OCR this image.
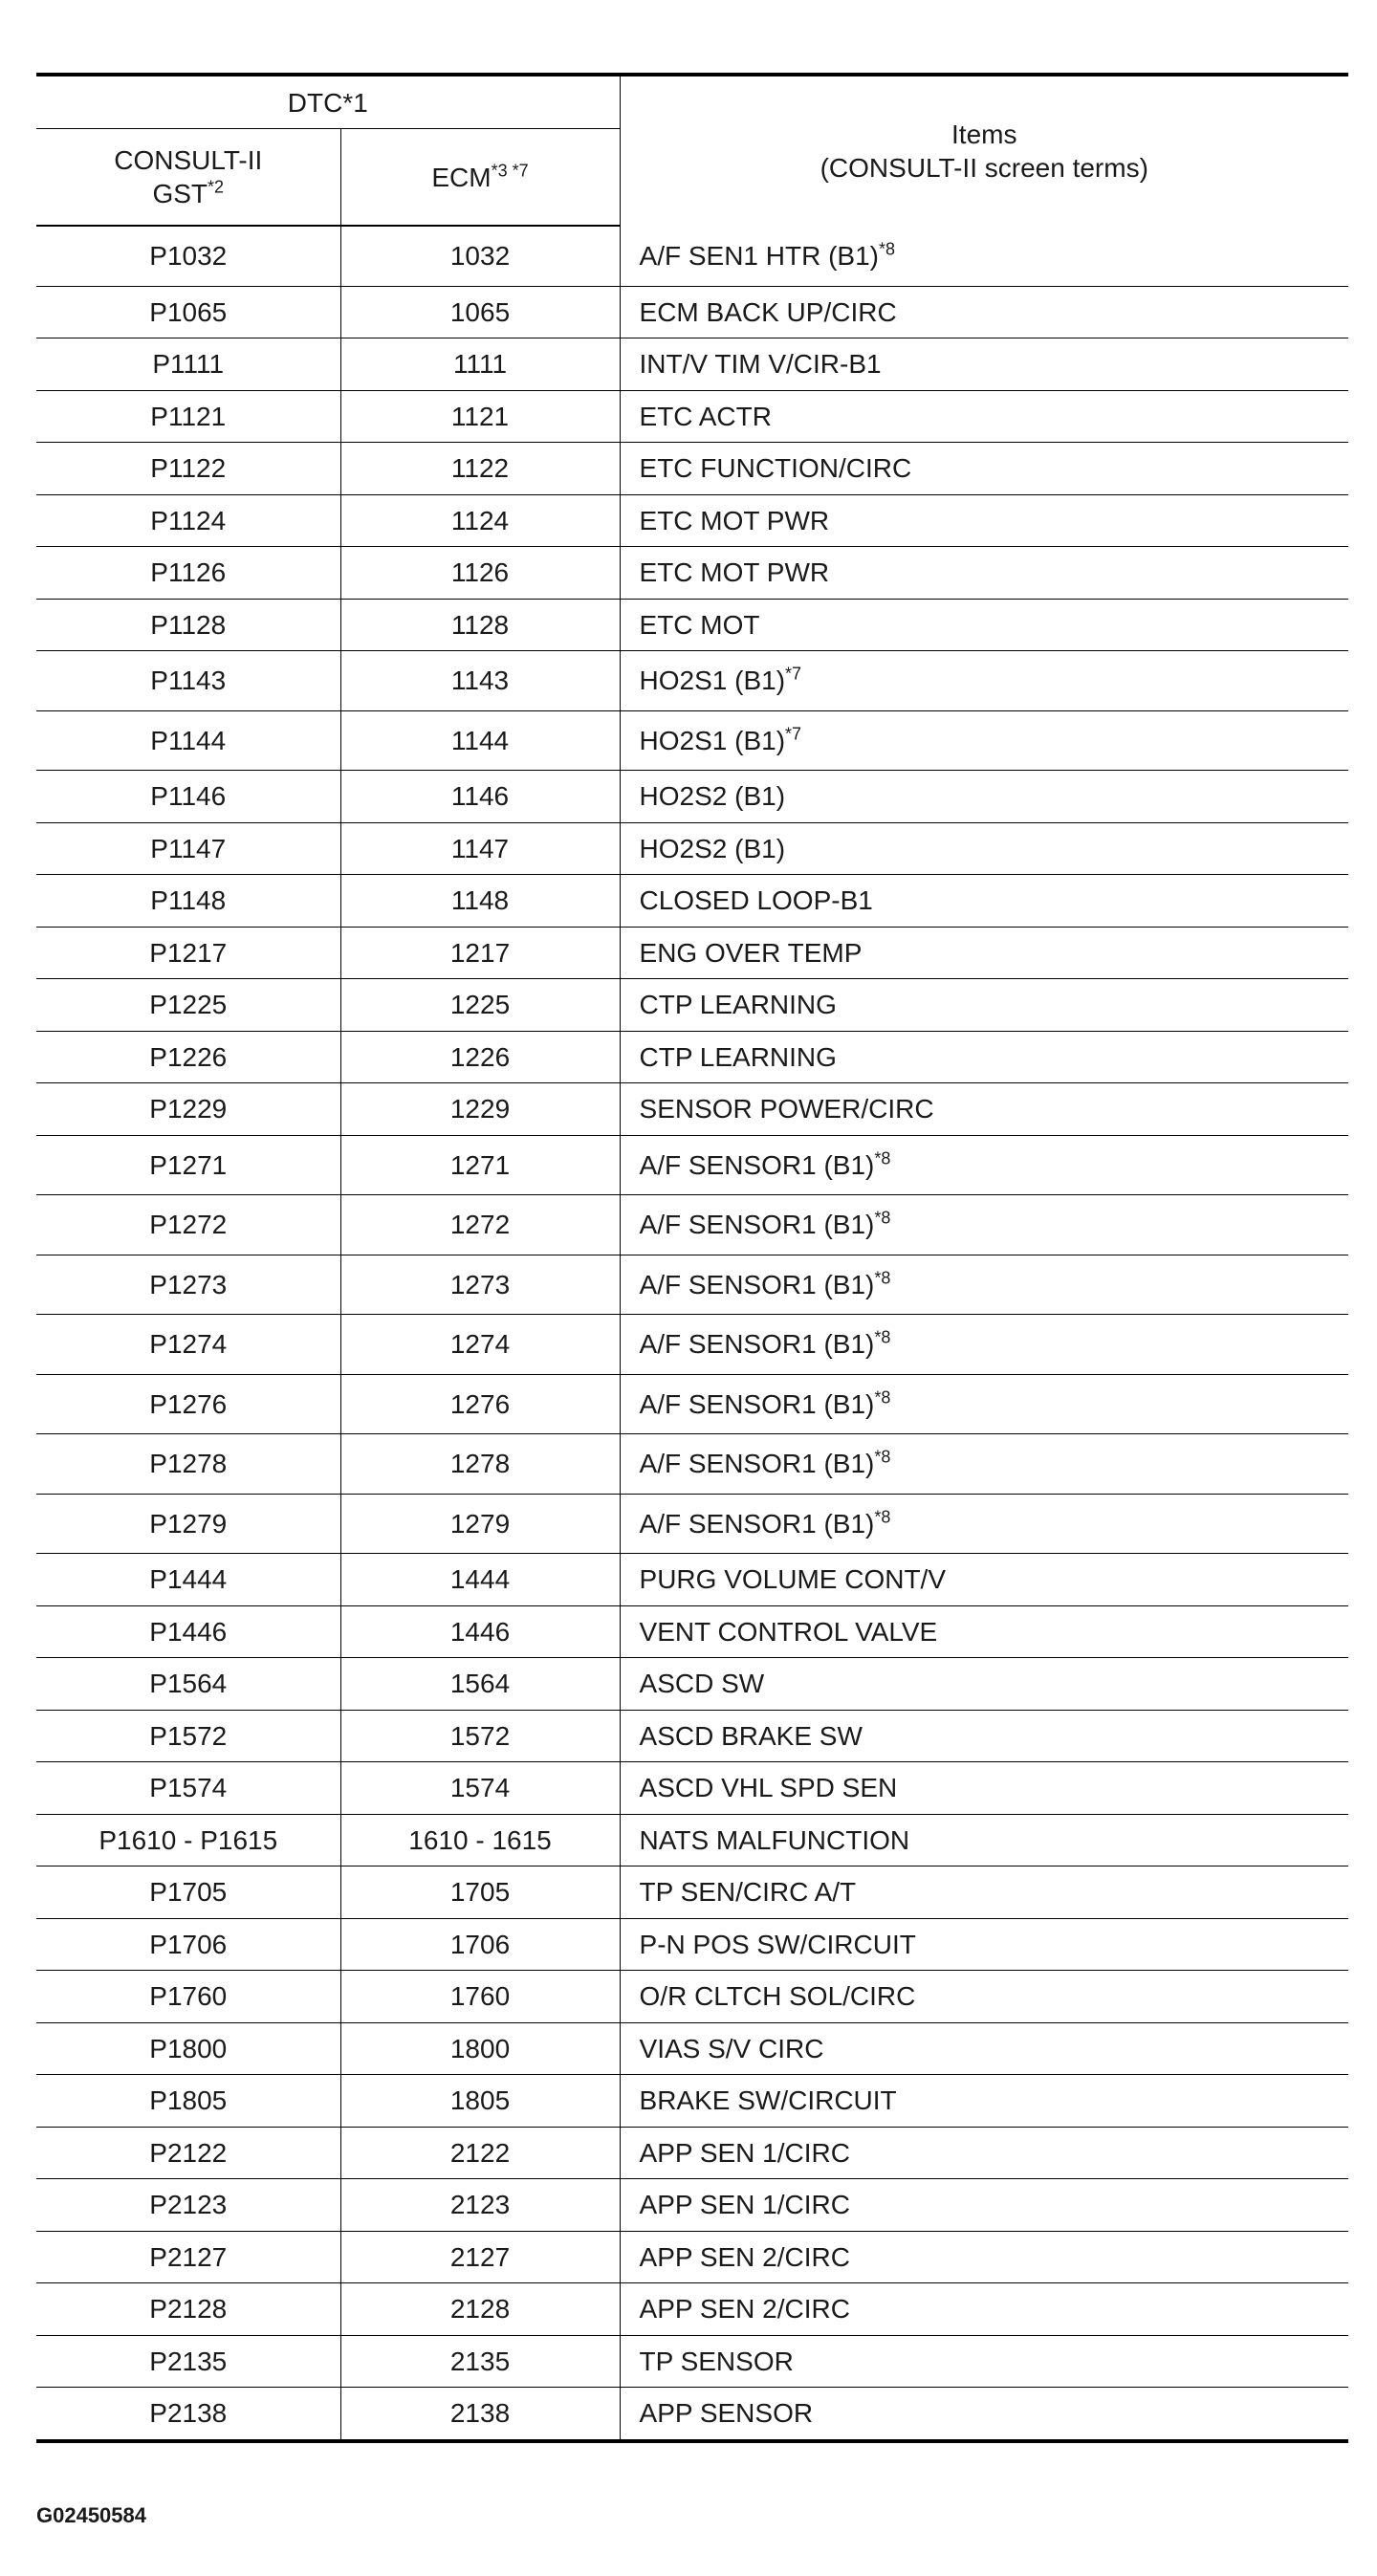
DTC*1		Items
(CONSULT-II screen terms)

CONSULT-II
GST$^{*2}$	$ECM^{*3 *7}$
P1032	1032	A/F SEN1 HTR $(B1)^{*8}$
P1065	1065	ECM BACK UP/CIRC
P1111	1111	INT/V TIM V/CIR-B1
P1121	1121	ETC ACTR
P1122	1122	ETC FUNCTION/CIRC
P1124	1124	ETC MOT PWR
P1126	1126	ETC MOT PWR
P1128	1128	ETC MOT
P1143	1143	HO2S1 $(B1)^{*7}$
P1144	1144	HO2S1 $(B1)^{*7}$
P1146	1146	HO2S2 (B1)
P1147	1147	HO2S2 (B1)
P1148	1148	CLOSED LOOP-B1
P1217	1217	ENG OVER TEMP
P1225	1225	CTP LEARNING
P1226	1226	CTP LEARNING
P1229	1229	SENSOR POWER/CIRC
P1271	1271	A/F SENSOR1 $(B1)^{*8}$
P1272	1272	A/F SENSOR1 $(B1)^{*8}$
P1273	1273	A/F SENSOR1 $(B1)^{*8}$
P1274	1274	A/F SENSOR1 $(B1)^{*8}$
P1276	1276	A/F SENSOR1 $(B1)^{*8}$
P1278	1278	A/F SENSOR1 $(B1)^{*8}$
P1279	1279	A/F SENSOR1 $(B1)^{*8}$
P1444	1444	PURG VOLUME CONT/V
P1446	1446	VENT CONTROL VALVE
P1564	1564	ASCD SW
P1572	1572	ASCD BRAKE SW
P1574	1574	ASCD VHL SPD SEN
P1610 - P1615	1610 - 1615	NATS MALFUNCTION
P1705	1705	TP SEN/CIRC A/T
P1706	1706	P-N POS SW/CIRCUIT
P1760	1760	O/R CLTCH SOL/CIRC
P1800	1800	VIAS S/V CIRC
P1805	1805	BRAKE SW/CIRCUIT
P2122	2122	APP SEN 1/CIRC
P2123	2123	APP SEN 1/CIRC
P2127	2127	APP SEN 2/CIRC
P2128	2128	APP SEN 2/CIRC
P2135	2135	TP SENSOR
P2138	2138	APP SENSOR
G02450584
